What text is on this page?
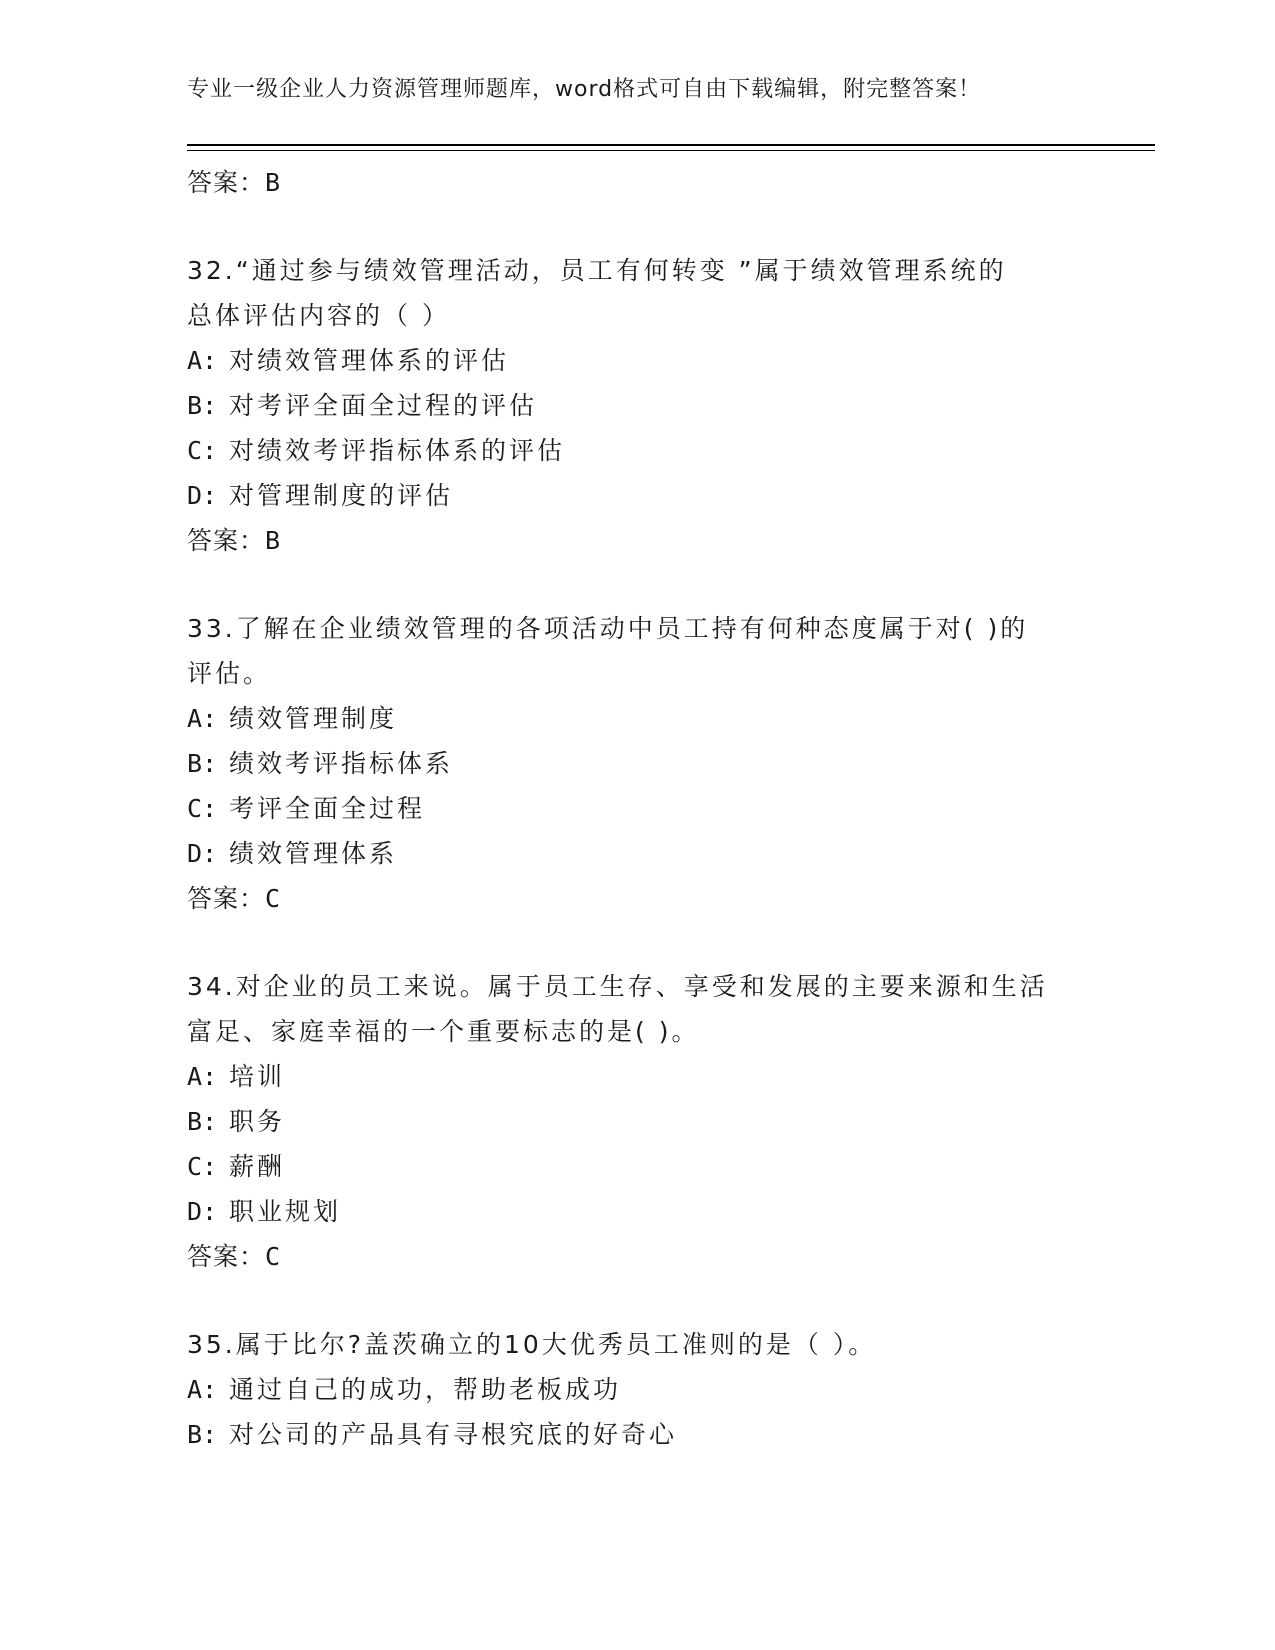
专业一级企业人力资源管理师题库，word格式可自由下载编辑，附完整答案！
答案：B
32.“通过参与绩效管理活动，员工有何转变 ”属于绩效管理系统的
总体评估内容的（ ）
A: 对绩效管理体系的评估
B: 对考评全面全过程的评估
C: 对绩效考评指标体系的评估
D: 对管理制度的评估
答案：B
33.了解在企业绩效管理的各项活动中员工持有何种态度属于对( )的
评估。
A: 绩效管理制度
B: 绩效考评指标体系
C: 考评全面全过程
D: 绩效管理体系
答案：C
34.对企业的员工来说。属于员工生存、享受和发展的主要来源和生活
富足、家庭幸福的一个重要标志的是( )。
A: 培训
B: 职务
C: 薪酬
D: 职业规划
答案：C
35.属于比尔?盖茨确立的10大优秀员工准则的是（ ）。
A: 通过自己的成功，帮助老板成功
B: 对公司的产品具有寻根究底的好奇心
